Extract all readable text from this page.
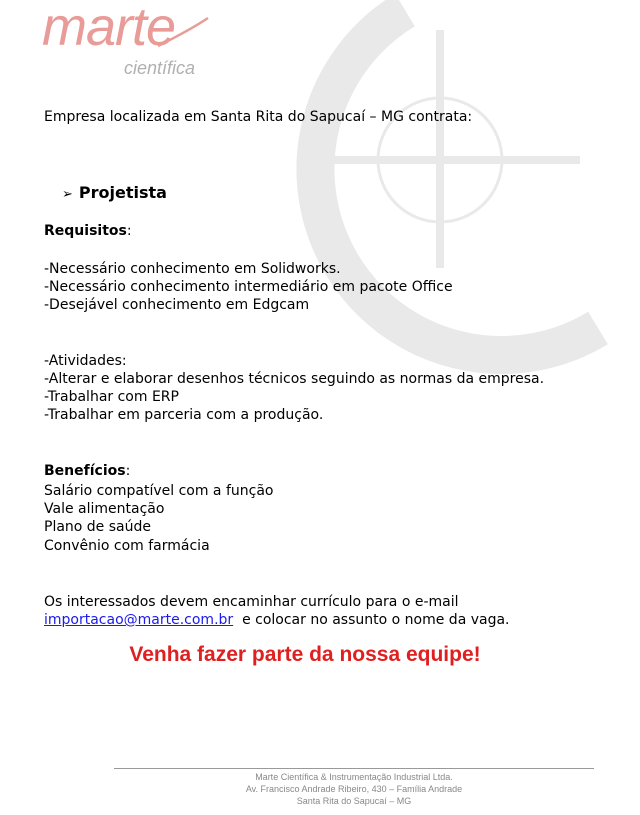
marte
científica
Empresa localizada em Santa Rita do Sapucaí – MG contrata:
➢ Projetista
Requisitos:
-Necessário conhecimento em Solidworks.
-Necessário conhecimento intermediário em pacote Office
-Desejável conhecimento em Edgcam
-Atividades:
-Alterar e elaborar desenhos técnicos seguindo as normas da empresa.
-Trabalhar com ERP
-Trabalhar em parceria com a produção.
Benefícios:
Salário compatível com a função
Vale alimentação
Plano de saúde
Convênio com farmácia
Os interessados devem encaminhar currículo para o e-mail
importacao@marte.com.br e colocar no assunto o nome da vaga.
Venha fazer parte da nossa equipe!
Marte Científica & Instrumentação Industrial Ltda.
Av. Francisco Andrade Ribeiro, 430 – Família Andrade
Santa Rita do Sapucaí – MG
